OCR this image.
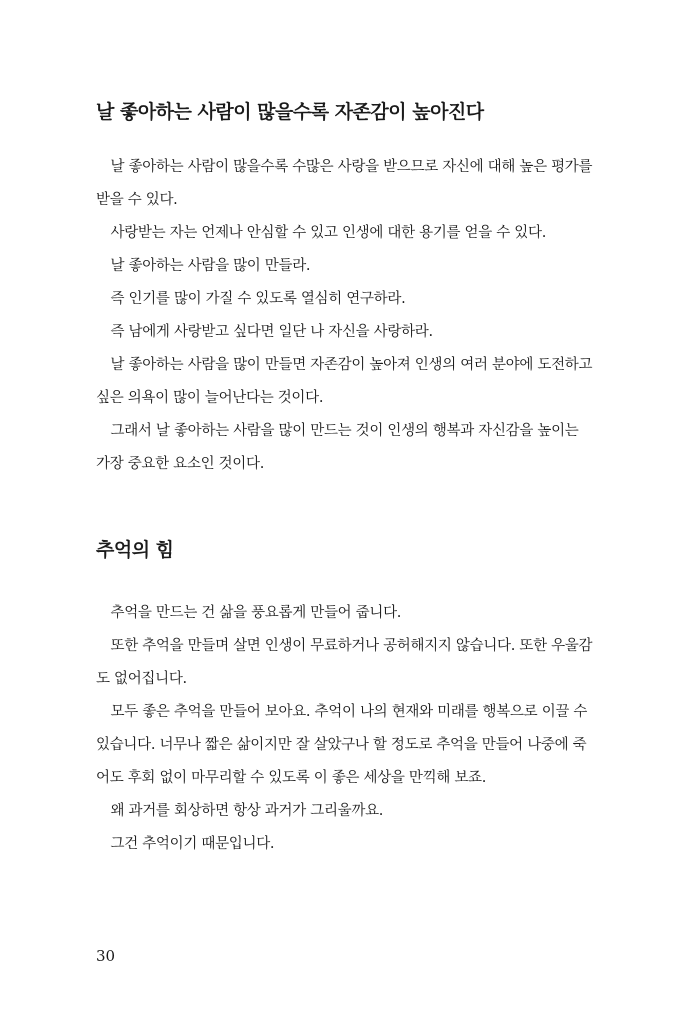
날 좋아하는 사람이 많을수록 자존감이 높아진다

날 좋아하는 사람이 많을수록 수많은 사랑을 받으므로 자신에 대해 높은 평가를 받을 수 있다.

사랑받는 자는 언제나 안심할 수 있고 인생에 대한 용기를 얻을 수 있다.

날 좋아하는 사람을 많이 만들라.

즉 인기를 많이 가질 수 있도록 열심히 연구하라.

즉 남에게 사랑받고 싶다면 일단 나 자신을 사랑하라.

날 좋아하는 사람을 많이 만들면 자존감이 높아져 인생의 여러 분야에 도전하고 싶은 의욕이 많이 늘어난다는 것이다.

그래서 날 좋아하는 사람을 많이 만드는 것이 인생의 행복과 자신감을 높이는 가장 중요한 요소인 것이다.

추억의 힘

추억을 만드는 건 삶을 풍요롭게 만들어 줍니다.

또한 추억을 만들며 살면 인생이 무료하거나 공허해지지 않습니다. 또한 우울감도 없어집니다.

모두 좋은 추억을 만들어 보아요. 추억이 나의 현재와 미래를 행복으로 이끌 수 있습니다. 너무나 짧은 삶이지만 잘 살았구나 할 정도로 추억을 만들어 나중에 죽어도 후회 없이 마무리할 수 있도록 이 좋은 세상을 만끽해 보죠.

왜 과거를 회상하면 항상 과거가 그리울까요.

그건 추억이기 때문입니다.

30
